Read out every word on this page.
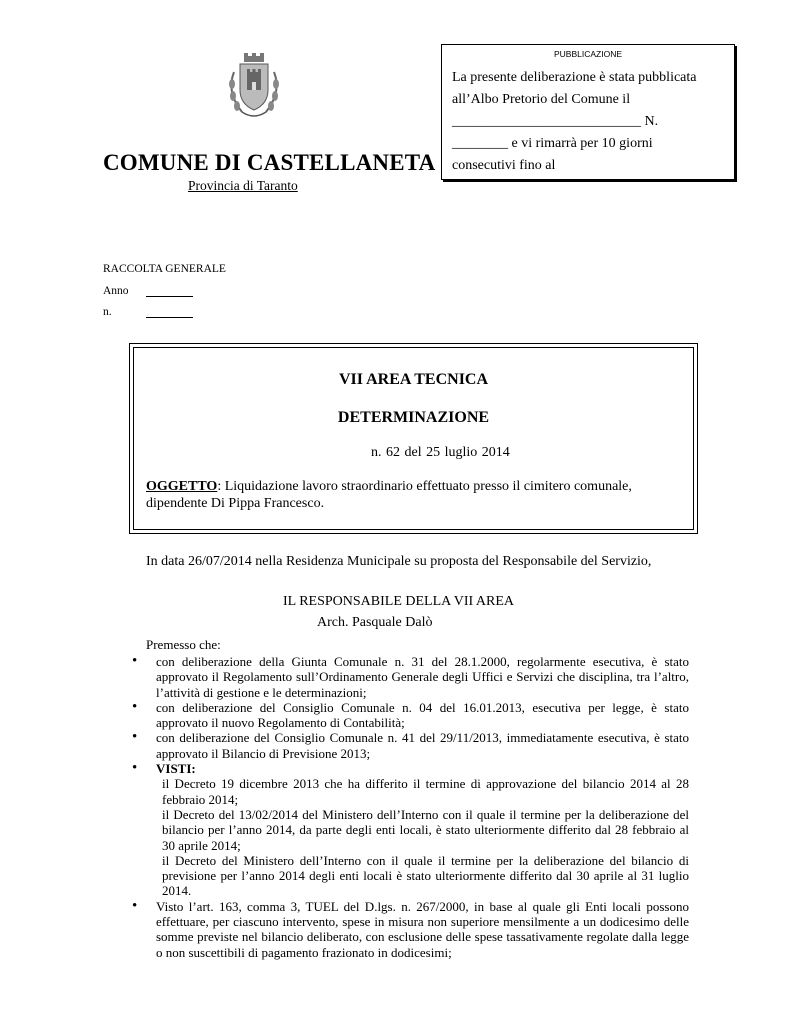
COMUNE DI CASTELLANETA
Provincia di Taranto
PUBBLICAZIONE
La presente deliberazione è stata pubblicata
all’Albo Pretorio del Comune il
___________________________ N.
________ e vi rimarrà per 10 giorni
consecutivi fino al
RACCOLTA GENERALE
Anno
n.
VII AREA TECNICA
DETERMINAZIONE
n. 62 del 25 luglio 2014
OGGETTO: Liquidazione lavoro straordinario effettuato presso il cimitero comunale, dipendente Di Pippa Francesco.
In data 26/07/2014 nella Residenza Municipale su proposta del Responsabile del Servizio,
IL RESPONSABILE DELLA VII AREA
Arch. Pasquale Dalò
Premesso che:
• con deliberazione della Giunta Comunale n. 31 del 28.1.2000, regolarmente esecutiva, è stato approvato il Regolamento sull’Ordinamento Generale degli Uffici e Servizi che disciplina, tra l’altro, l’attività di gestione e le determinazioni;
• con deliberazione del Consiglio Comunale n. 04 del 16.01.2013, esecutiva per legge, è stato approvato il nuovo Regolamento di Contabilità;
• con deliberazione del Consiglio Comunale n. 41 del 29/11/2013, immediatamente esecutiva, è stato approvato il Bilancio di Previsione 2013;
• VISTI:
il Decreto 19 dicembre 2013 che ha differito il termine di approvazione del bilancio 2014 al 28 febbraio 2014;
il Decreto del 13/02/2014 del Ministero dell’Interno con il quale il termine per la deliberazione del bilancio per l’anno 2014, da parte degli enti locali, è stato ulteriormente differito dal 28 febbraio al 30 aprile 2014;
il Decreto del Ministero dell’Interno con il quale il termine per la deliberazione del bilancio di previsione per l’anno 2014 degli enti locali è stato ulteriormente differito dal 30 aprile al 31 luglio 2014.
• Visto l’art. 163, comma 3, TUEL del D.lgs. n. 267/2000, in base al quale gli Enti locali possono effettuare, per ciascuno intervento, spese in misura non superiore mensilmente a un dodicesimo delle somme previste nel bilancio deliberato, con esclusione delle spese tassativamente regolate dalla legge o non suscettibili di pagamento frazionato in dodicesimi;
